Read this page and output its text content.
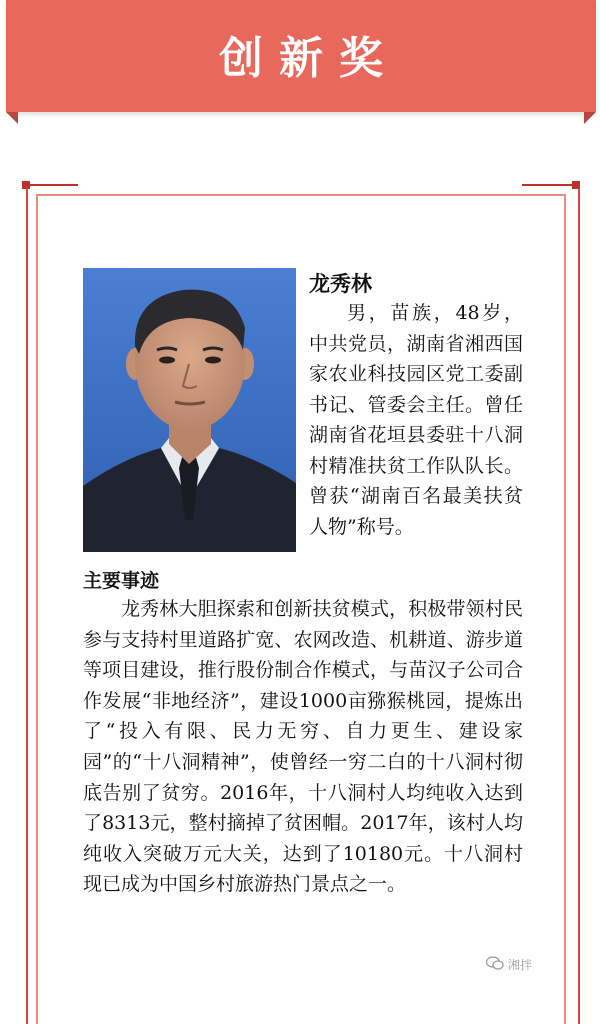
创新奖
龙秀林

男，苗族，48岁，中共党员，湖南省湘西国家农业科技园区党工委副书记、管委会主任。曾任湖南省花垣县委驻十八洞村精准扶贫工作队队长。曾获“湖南百名最美扶贫人物”称号。

主要事迹

龙秀林大胆探索和创新扶贫模式，积极带领村民参与支持村里道路扩宽、农网改造、机耕道、游步道等项目建设，推行股份制合作模式，与苗汉子公司合作发展“非地经济”，建设1000亩猕猴桃园，提炼出了“投入有限、民力无穷、自力更生、建设家园”的“十八洞精神”，使曾经一穷二白的十八洞村彻底告别了贫穷。2016年，十八洞村人均纯收入达到了8313元，整村摘掉了贫困帽。2017年，该村人均纯收入突破万元大关，达到了10180元。十八洞村现已成为中国乡村旅游热门景点之一。

湘拌
